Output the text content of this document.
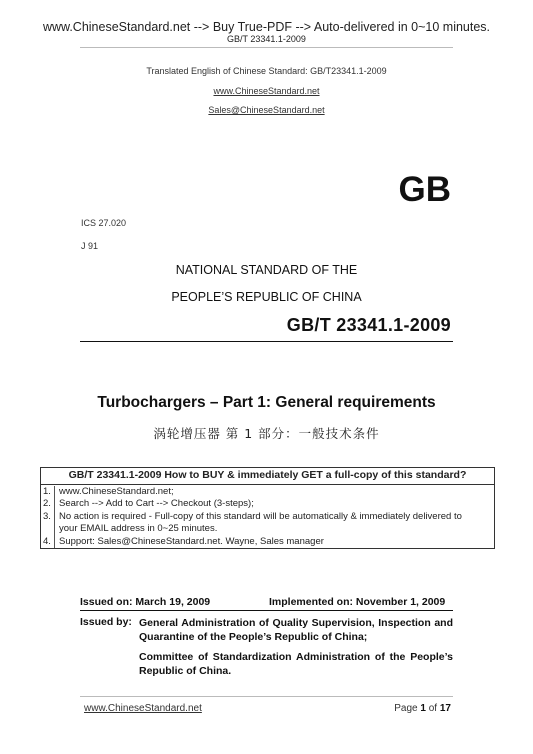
www.ChineseStandard.net --> Buy True-PDF --> Auto-delivered in 0~10 minutes.
GB/T 23341.1-2009
Translated English of Chinese Standard: GB/T23341.1-2009
www.ChineseStandard.net
Sales@ChineseStandard.net
GB
ICS 27.020
J 91
NATIONAL STANDARD OF THE
PEOPLE’S REPUBLIC OF CHINA
GB/T 23341.1-2009
Turbochargers – Part 1: General requirements
涡轮增压器 第 1 部分：一般技术条件
GB/T 23341.1-2009 How to BUY & immediately GET a full-copy of this standard?
1. www.ChineseStandard.net;
2. Search --> Add to Cart --> Checkout (3-steps);
3. No action is required - Full-copy of this standard will be automatically & immediately delivered to
your EMAIL address in 0~25 minutes.
4. Support: Sales@ChineseStandard.net. Wayne, Sales manager
Issued on: March 19, 2009	Implemented on: November 1, 2009
Issued by: General Administration of Quality Supervision, Inspection and Quarantine of the People’s Republic of China;
Committee of Standardization Administration of the People’s Republic of China.
www.ChineseStandard.net	Page 1 of 17
